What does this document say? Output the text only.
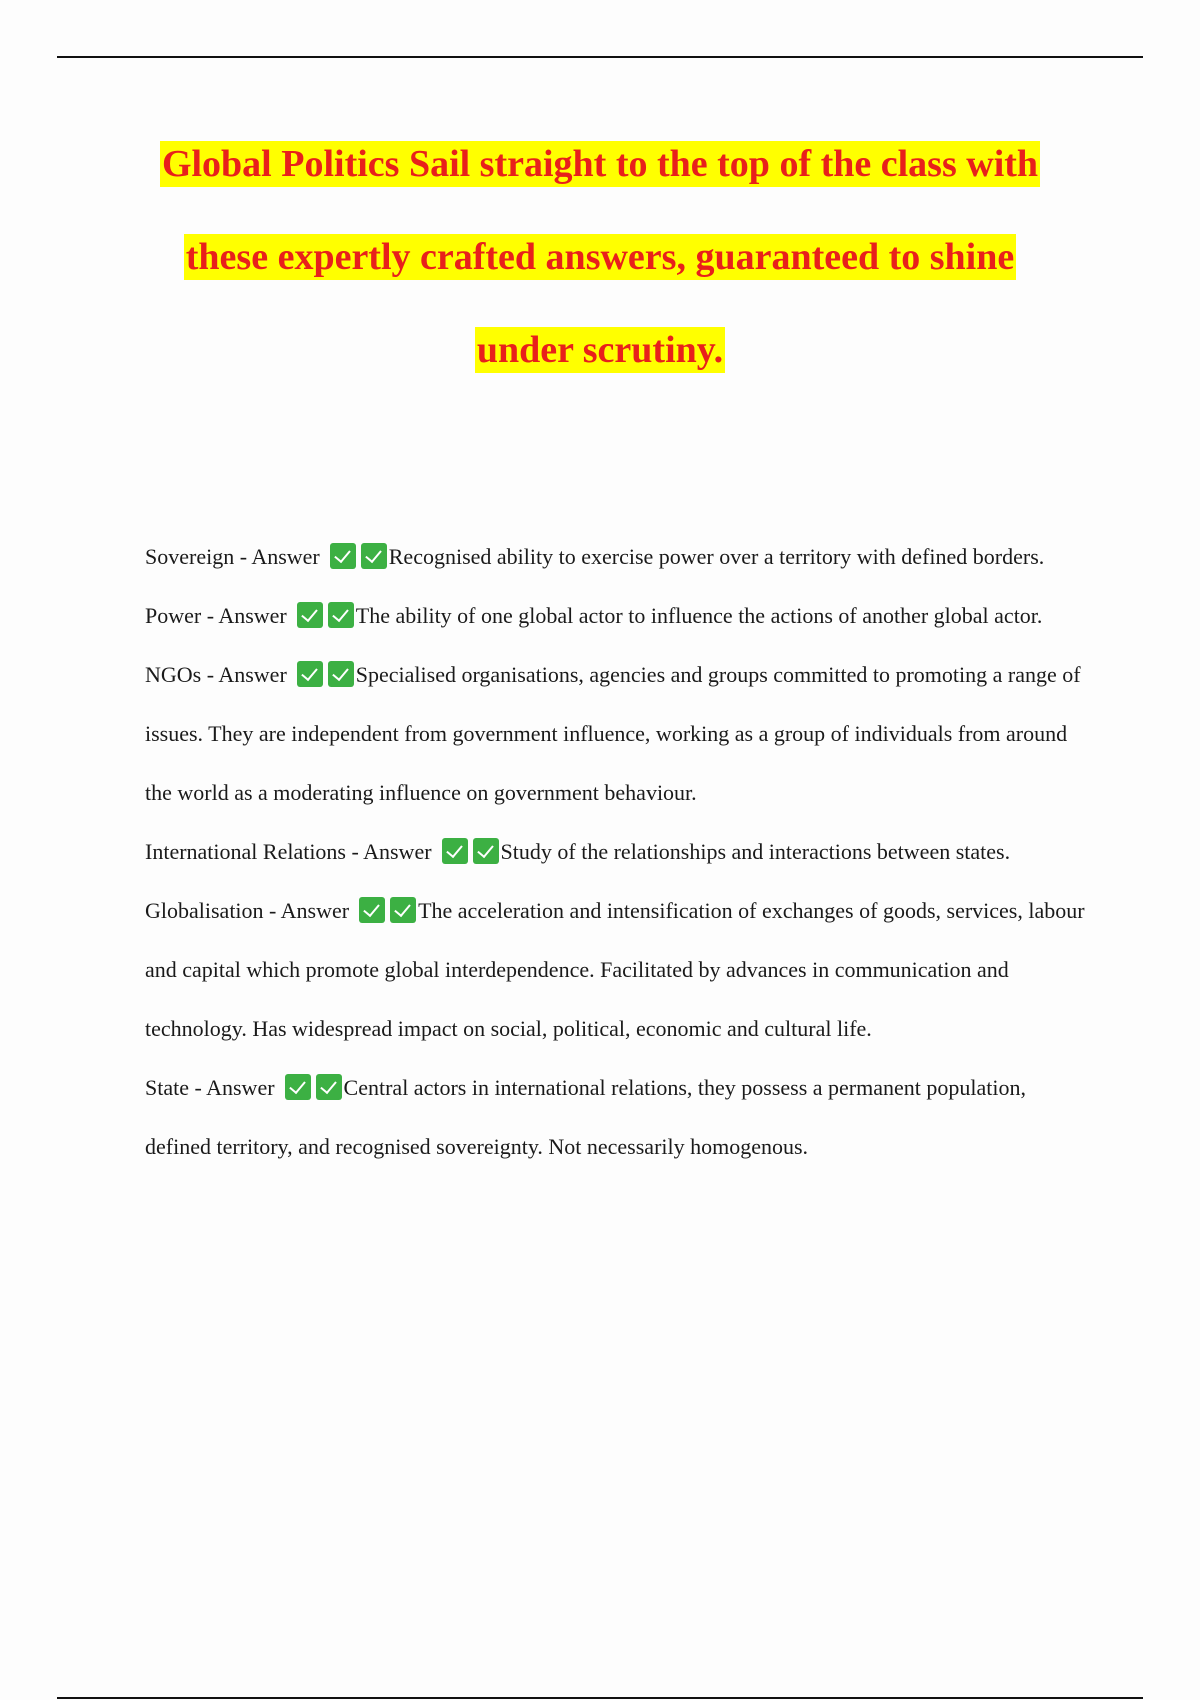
Global Politics Sail straight to the top of the class with
these expertly crafted answers, guaranteed to shine
under scrutiny.

Sovereign - Answer	Recognised ability to exercise power over a territory with defined borders.

Power - Answer	The ability of one global actor to influence the actions of another global actor.

NGOs - Answer	Specialised organisations, agencies and groups committed to promoting a range of issues. They are independent from government influence, working as a group of individuals from around the world as a moderating influence on government behaviour.

International Relations - Answer	Study of the relationships and interactions between states.

Globalisation - Answer	The acceleration and intensification of exchanges of goods, services, labour and capital which promote global interdependence. Facilitated by advances in communication and technology. Has widespread impact on social, political, economic and cultural life.

State - Answer	Central actors in international relations, they possess a permanent population, defined territory, and recognised sovereignty. Not necessarily homogenous.
